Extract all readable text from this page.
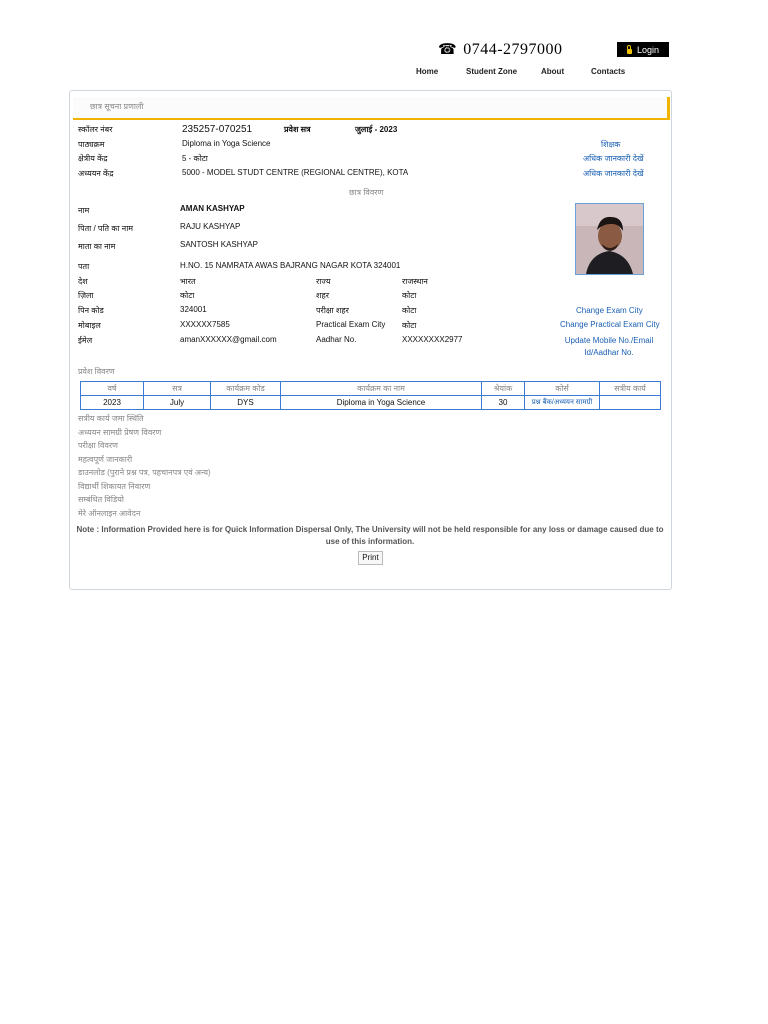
☎ 0744-2797000	Login
Home	Student Zone	About	Contacts
छात्र सूचना प्रणाली
स्कॉलर नंबर	235257-070251	प्रवेश सत्र	जुलाई - 2023
पाठ्यक्रम	Diploma in Yoga Science	शिक्षक
क्षेत्रीय केंद्र	5 - कोटा	अधिक जानकारी देखें
अध्ययन केंद्र	5000 - MODEL STUDT CENTRE (REGIONAL CENTRE), KOTA	अधिक जानकारी देखें
छात्र विवरण
नाम	AMAN KASHYAP
पिता / पति का नाम	RAJU KASHYAP
माता का नाम	SANTOSH KASHYAP
पता	H.NO. 15 NAMRATA AWAS BAJRANG NAGAR KOTA 324001
देश	भारत	राज्य	राजस्थान
ज़िला	कोटा	शहर	कोटा
पिन कोड	324001	परीक्षा शहर	कोटा	Change Exam City
मोबाइल	XXXXXX7585	Practical Exam City कोटा	Change Practical Exam City
ईमेल	amanXXXXXX@gmail.com	Aadhar No.	XXXXXXXX2977	Update Mobile No./Email Id/Aadhar No.
प्रवेश विवरण
वर्ष	सत्र	कार्यक्रम कोड	कार्यक्रम का नाम	श्रेयांक	कोर्स	सत्रीय कार्य
2023	July	DYS	Diploma in Yoga Science	30	प्रश्न बैंक/अध्ययन सामग्री	
सत्रीय कार्य जमा स्थिति
अध्ययन सामग्री प्रेषण विवरण
परीक्षा विवरण
महत्वपूर्ण जानकारी
डाउनलोड (पुराने प्रश्न पत्र, पहचानपत्र एवं अन्य)
विद्यार्थी शिकायत निवारण
सम्बंधित विडियो
मेरे ऑनलाइन आवेदन
Note : Information Provided here is for Quick Information Dispersal Only, The University will not be held responsible for any loss or damage caused due to use of this information.
Print
